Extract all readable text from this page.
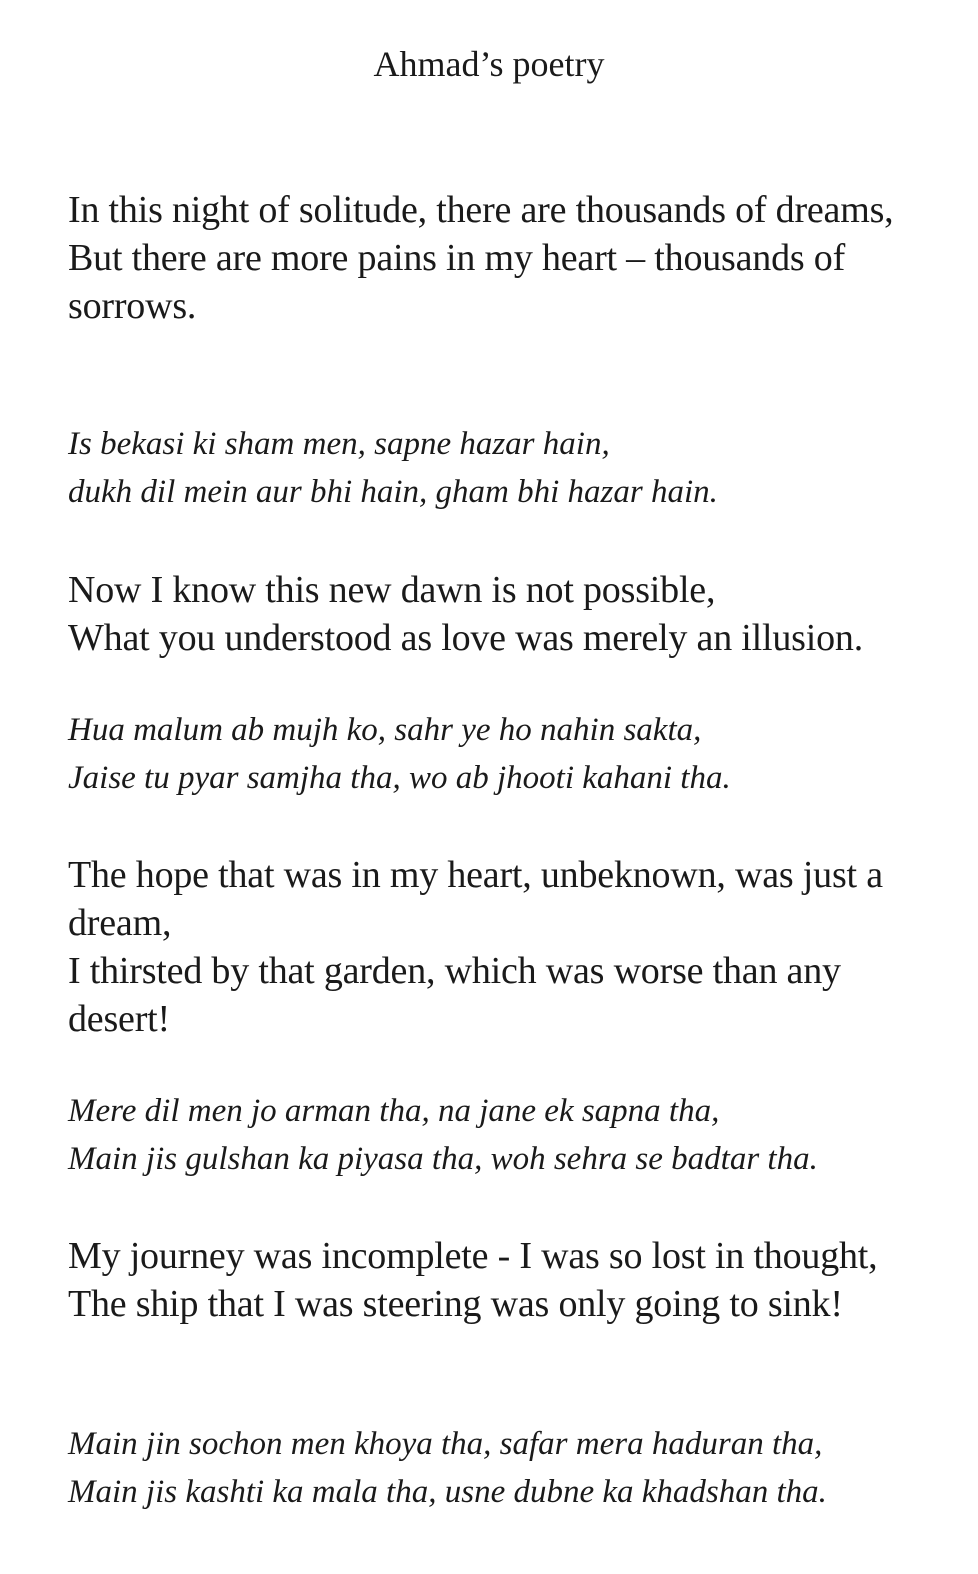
Ahmad’s poetry

In this night of solitude, there are thousands of dreams,
But there are more pains in my heart – thousands of sorrows.

Is bekasi ki sham men, sapne hazar hain,
dukh dil mein aur bhi hain, gham bhi hazar hain.

Now I know this new dawn is not possible,
What you understood as love was merely an illusion.

Hua malum ab mujh ko, sahr ye ho nahin sakta,
Jaise tu pyar samjha tha, wo ab jhooti kahani tha.

The hope that was in my heart, unbeknown, was just a dream,
I thirsted by that garden, which was worse than any desert!

Mere dil men jo arman tha, na jane ek sapna tha,
Main jis gulshan ka piyasa tha, woh sehra se badtar tha.

My journey was incomplete - I was so lost in thought,
The ship that I was steering was only going to sink!

Main jin sochon men khoya tha, safar mera haduran tha,
Main jis kashti ka mala tha, usne dubne ka khadshan tha.
